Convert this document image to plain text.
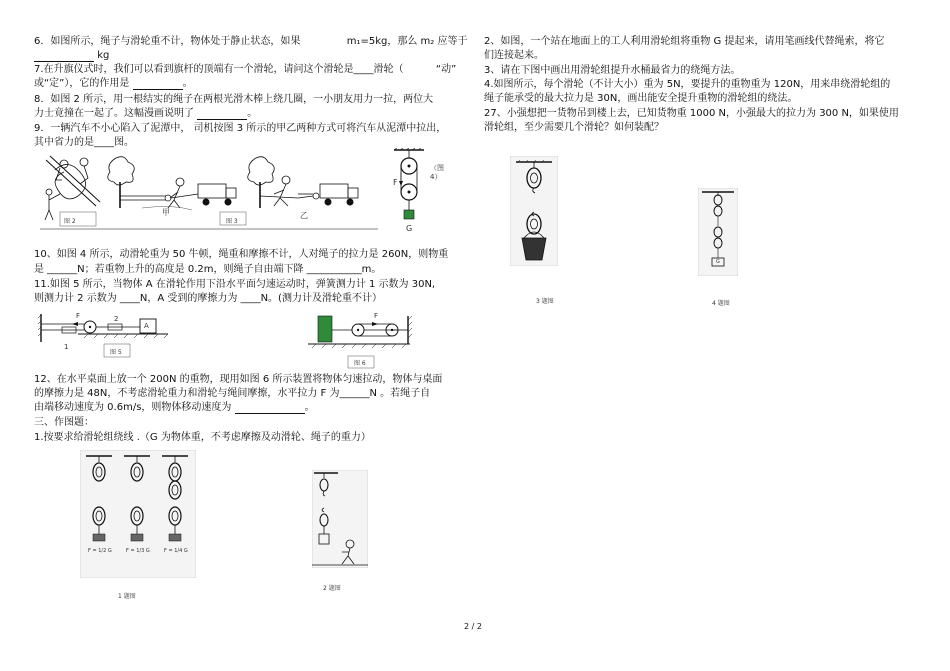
6．如图所示，绳子与滑轮重不计，物体处于静止状态，如果	m₁=5kg，那么 m₂ 应等于
kg
7.在升旗仪式时，我们可以看到旗杆的顶端有一个滑轮，请问这个滑轮是____滑轮（	“动”
或“定”），它的作用是	。
8．如图 2 所示，用一根结实的绳子在两根光滑木棒上绕几圈，一小朋友用力一拉，两位大
力士竟撞在一起了。这幅漫画说明了	。
9．一辆汽车不小心陷入了泥潭中， 司机按图 3 所示的甲乙两种方式可将汽车从泥潭中拉出，
其中省力的是____图。
10、如图 4 所示，动滑轮重为 50 牛顿，绳重和摩擦不计，人对绳子的拉力是 260N，则物重
是 ______N；若重物上升的高度是 0.2m，则绳子自由端下降 ___________m。
11.如图 5 所示，当物体 A 在滑轮作用下沿水平面匀速运动时，弹簧测力计 1 示数为 30N,
则测力计 2 示数为 ____N，A 受到的摩擦力为 ____N。(测力计及滑轮重不计）
12、在水平桌面上放一个 200N 的重物，现用如图 6 所示装置将物体匀速拉动，物体与桌面
的摩擦力是 48N，不考虑滑轮重力和滑轮与绳间摩擦，水平拉力 F 为______N 。若绳子自
由端移动速度为 0.6m/s，则物体移动速度为	。
三、作图题：
1.按要求给滑轮组绕线 .（G 为物体重，不考虑摩擦及动滑轮、绳子的重力）
2、如图，一个站在地面上的工人利用滑轮组将重物 G 提起来，请用笔画线代替绳索，将它
们连接起来。
3、请在下图中画出用滑轮组提升水桶最省力的绕绳方法。
4.如图所示，每个滑轮（不计大小）重为 5N，要提升的重物重为 120N，用来串绕滑轮组的
绳子能承受的最大拉力是 30N，画出能安全提升重物的滑轮组的绕法。
27、小强想把一货物吊到楼上去，已知货物重 1000 N，小强最大的拉力为 300 N，如果使用
滑轮组，至少需要几个滑轮？如何装配？
图 2
甲	乙
图 3
F
G
（图4）
F	2
1
A
图 5
F
图 6
F = 1/2 G	F = 1/3 G	F = 1/4 G
1 题图
2 题图
3 题图
G
4 题图
2 / 2
